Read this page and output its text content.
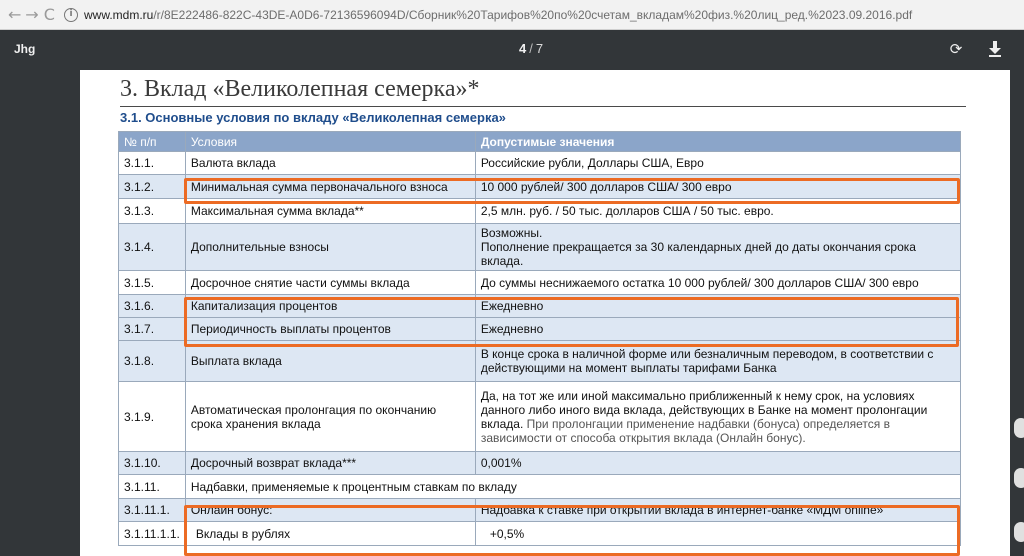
← → C	i www.mdm.ru /r/8E222486-822C-43DE-A0D6-72136596094D/Сборник%20Тарифов%20по%20счетам_вкладам%20физ.%20лиц_ред.%2023.09.2016.pdf
Jhg	4 / 7	⟳
3. Вклад «Великолепная семерка»*
3.1. Основные условия по вкладу «Великолепная семерка»
№ п/п	Условия	Допустимые значения
3.1.1.	Валюта вклада	Российские рубли, Доллары США, Евро
3.1.2.	Минимальная сумма первоначального взноса	10 000 рублей/ 300 долларов США/ 300 евро
3.1.3.	Максимальная сумма вклада**	2,5 млн. руб. / 50 тыс. долларов США / 50 тыс. евро.
3.1.4.	Дополнительные взносы	Возможны.
Пополнение прекращается за 30 календарных дней до даты окончания срока вклада.

3.1.5.	Досрочное снятие части суммы вклада	До суммы неснижаемого остатка 10 000 рублей/ 300 долларов США/ 300 евро
3.1.6.	Капитализация процентов	Ежедневно
3.1.7.	Периодичность выплаты процентов	Ежедневно
3.1.8.	Выплата вклада	В конце срока в наличной форме или безналичным переводом, в соответствии с действующими на момент выплаты тарифами Банка
3.1.9.	Автоматическая пролонгация по окончанию срока хранения вклада	Да, на тот же или иной максимально приближенный к нему срок, на условиях данного либо иного вида вклада, действующих в Банке на момент пролонгации вклада. При пролонгации применение надбавки (бонуса) определяется в зависимости от способа открытия вклада (Онлайн бонус).
3.1.10.	Досрочный возврат вклада***	0,001%
3.1.11.	Надбавки, применяемые к процентным ставкам по вкладу	
3.1.11.1.	Онлайн бонус:	Надбавка к ставке при открытии вклада в интернет-банке «МДМ online»
3.1.11.1.1.	Вклады в рублях	+0,5%
